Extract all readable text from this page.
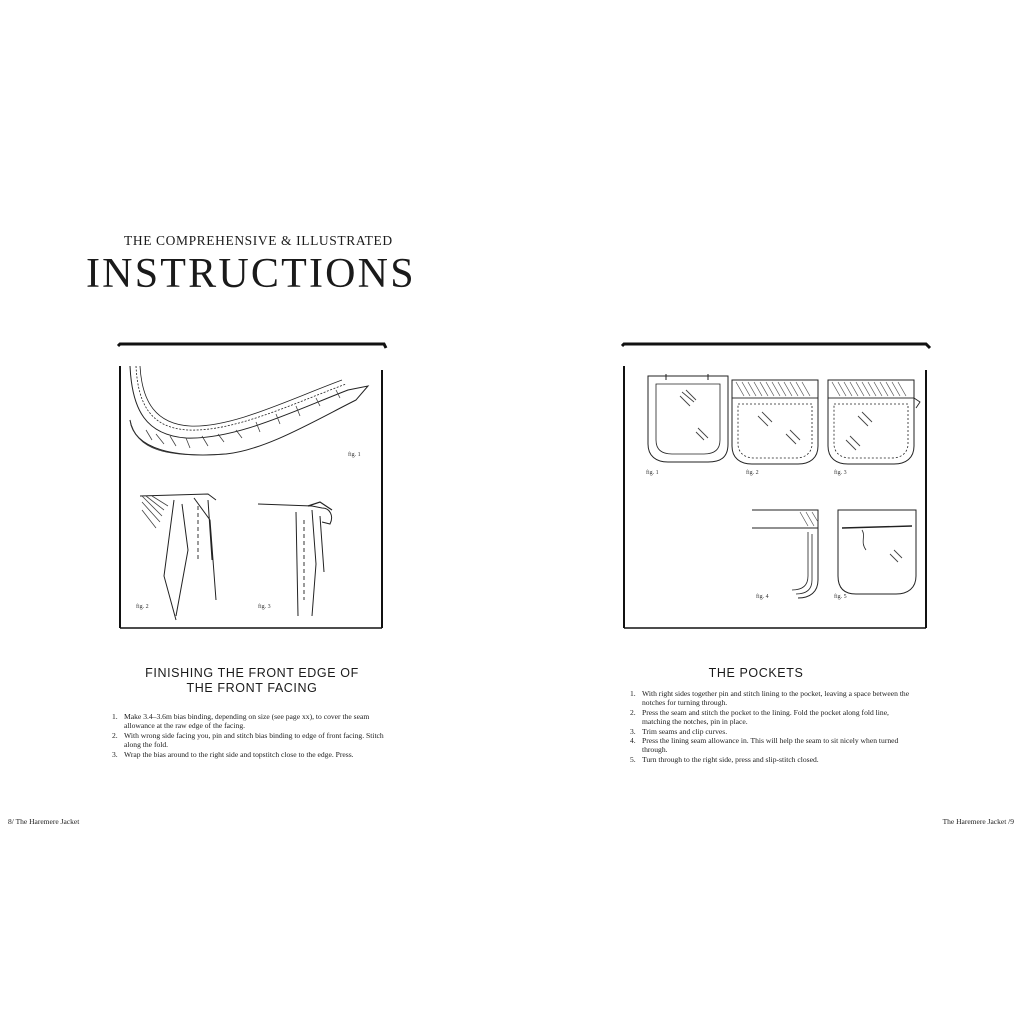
THE COMPREHENSIVE & ILLUSTRATED
INSTRUCTIONS
fig. 1
fig. 2	fig. 3
FINISHING THE FRONT EDGE OF
THE FRONT FACING
1. Make 3.4–3.6m bias binding, depending on size (see page xx), to cover the seam allowance at the raw edge of the facing.
2. With wrong side facing you, pin and stitch bias binding to edge of front facing. Stitch along the fold.
3. Wrap the bias around to the right side and topstitch close to the edge. Press.
8/ The Haremere Jacket
fig. 1	fig. 2	fig. 3
fig. 4	fig. 5
THE POCKETS
1. With right sides together pin and stitch lining to the pocket, leaving a space between the notches for turning through.
2. Press the seam and stitch the pocket to the lining. Fold the pocket along fold line, matching the notches, pin in place.
3. Trim seams and clip curves.
4. Press the lining seam allowance in. This will help the seam to sit nicely when turned through.
5. Turn through to the right side, press and slip-stitch closed.
The Haremere Jacket /9
